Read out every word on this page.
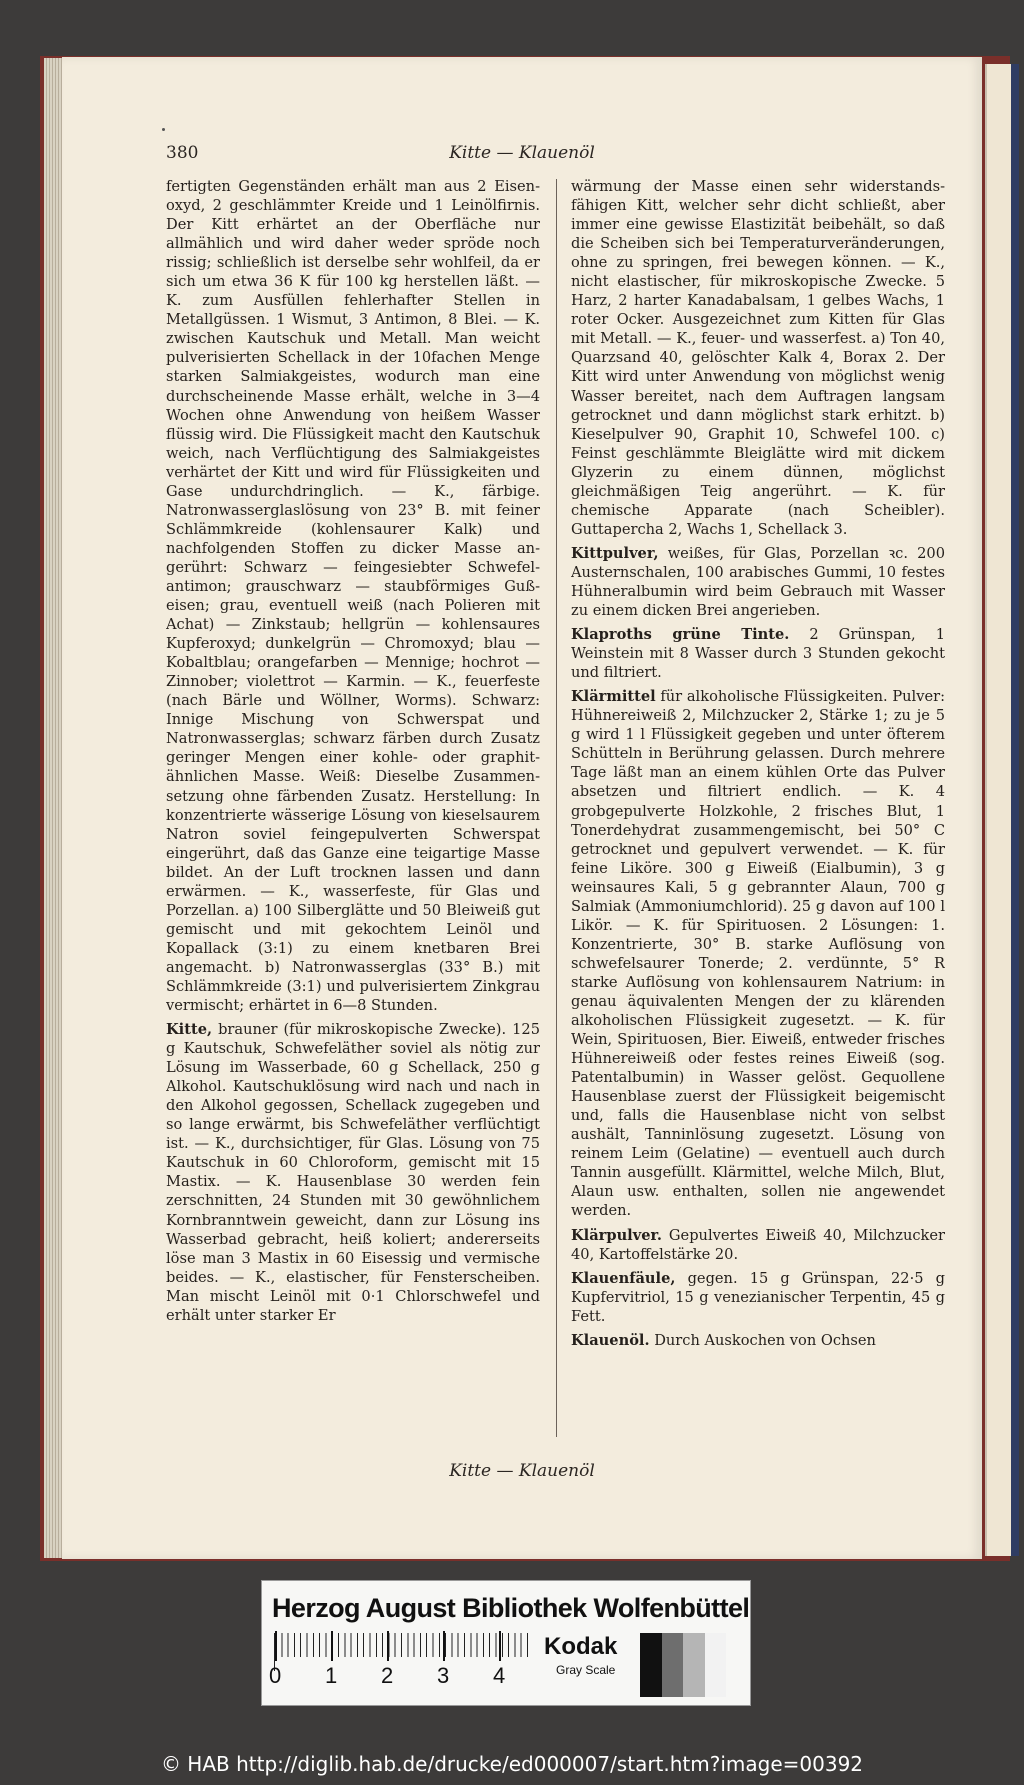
380	Kitte — Klauenöl

fertigten Gegenständen erhält man aus 2 Eisenoxyd, 2 geschlämmter Kreide und 1 Leinölfirnis. Der Kitt erhärtet an der Oberfläche nur allmählich und wird daher weder spröde noch rissig; schließlich ist derselbe sehr wohlfeil, da er sich um etwa 36 K für 100 kg herstellen läßt. — K. zum Ausfüllen fehlerhafter Stellen in Metallgüssen. 1 Wismut, 3 Antimon, 8 Blei. — K. zwischen Kautschuk und Metall. Man weicht pulverisierten Schellack in der 10fachen Menge starken Salmiakgeistes, wodurch man eine durchscheinende Masse erhält, welche in 3—4 Wochen ohne Anwendung von heißem Wasser flüssig wird. Die Flüssigkeit macht den Kautschuk weich, nach Verflüchtigung des Salmiakgeistes verhärtet der Kitt und wird für Flüssigkeiten und Gase undurchdringlich. — K., färbige. Natronwasserglaslösung von 23° B. mit feiner Schlämmkreide (kohlensaurer Kalk) und nachfolgenden Stoffen zu dicker Masse angerührt: Schwarz — feingesiebter Schwefelantimon; grauschwarz — staubförmiges Gußeisen; grau, eventuell weiß (nach Polieren mit Achat) — Zinkstaub; hellgrün — kohlensaures Kupferoxyd; dunkelgrün — Chromoxyd; blau — Kobaltblau; orangefarben — Mennige; hochrot — Zinnober; violettrot — Karmin. — K., feuerfeste (nach Bärle und Wöllner, Worms). Schwarz: Innige Mischung von Schwerspat und Natronwasserglas; schwarz färben durch Zusatz geringer Mengen einer kohle- oder graphitähnlichen Masse. Weiß: Dieselbe Zusammensetzung ohne färbenden Zusatz. Herstellung: In konzentrierte wässerige Lösung von kieselsaurem Natron soviel feingepulverten Schwerspat eingerührt, daß das Ganze eine teigartige Masse bildet. An der Luft trocknen lassen und dann erwärmen. — K., wasserfeste, für Glas und Porzellan. a) 100 Silberglätte und 50 Bleiweiß gut gemischt und mit gekochtem Leinöl und Kopallack (3:1) zu einem knetbaren Brei angemacht. b) Natronwasserglas (33° B.) mit Schlämmkreide (3:1) und pulverisiertem Zinkgrau vermischt; erhärtet in 6—8 Stunden.

Kitte, brauner (für mikroskopische Zwecke). 125 g Kautschuk, Schwefeläther soviel als nötig zur Lösung im Wasserbade, 60 g Schellack, 250 g Alkohol. Kautschuklösung wird nach und nach in den Alkohol gegossen, Schellack zugegeben und so lange erwärmt, bis Schwefeläther verflüchtigt ist. — K., durchsichtiger, für Glas. Lösung von 75 Kautschuk in 60 Chloroform, gemischt mit 15 Mastix. — K. Hausenblase 30 werden fein zerschnitten, 24 Stunden mit 30 gewöhnlichem Kornbranntwein geweicht, dann zur Lösung ins Wasserbad gebracht, heiß koliert; andererseits löse man 3 Mastix in 60 Eisessig und vermische beides. — K., elastischer, für Fensterscheiben. Man mischt Leinöl mit 0·1 Chlorschwefel und erhält unter starker Er

wärmung der Masse einen sehr widerstandsfähigen Kitt, welcher sehr dicht schließt, aber immer eine gewisse Elastizität beibehält, so daß die Scheiben sich bei Temperaturveränderungen, ohne zu springen, frei bewegen können. — K., nicht elastischer, für mikroskopische Zwecke. 5 Harz, 2 harter Kanadabalsam, 1 gelbes Wachs, 1 roter Ocker. Ausgezeichnet zum Kitten für Glas mit Metall. — K., feuer- und wasserfest. a) Ton 40, Quarzsand 40, gelöschter Kalk 4, Borax 2. Der Kitt wird unter Anwendung von möglichst wenig Wasser bereitet, nach dem Auftragen langsam getrocknet und dann möglichst stark erhitzt. b) Kieselpulver 90, Graphit 10, Schwefel 100. c) Feinst geschlämmte Bleiglätte wird mit dickem Glyzerin zu einem dünnen, möglichst gleichmäßigen Teig angerührt. — K. für chemische Apparate (nach Scheibler). Guttapercha 2, Wachs 1, Schellack 3.

Kittpulver, weißes, für Glas, Porzellan ꝛc. 200 Austernschalen, 100 arabisches Gummi, 10 festes Hühneralbumin wird beim Gebrauch mit Wasser zu einem dicken Brei angerieben.

Klaproths grüne Tinte. 2 Grünspan, 1 Weinstein mit 8 Wasser durch 3 Stunden gekocht und filtriert.

Klärmittel für alkoholische Flüssigkeiten. Pulver: Hühnereiweiß 2, Milchzucker 2, Stärke 1; zu je 5 g wird 1 l Flüssigkeit gegeben und unter öfterem Schütteln in Berührung gelassen. Durch mehrere Tage läßt man an einem kühlen Orte das Pulver absetzen und filtriert endlich. — K. 4 grobgepulverte Holzkohle, 2 frisches Blut, 1 Tonerdehydrat zusammengemischt, bei 50° C getrocknet und gepulvert verwendet. — K. für feine Liköre. 300 g Eiweiß (Eialbumin), 3 g weinsaures Kali, 5 g gebrannter Alaun, 700 g Salmiak (Ammoniumchlorid). 25 g davon auf 100 l Likör. — K. für Spirituosen. 2 Lösungen: 1. Konzentrierte, 30° B. starke Auflösung von schwefelsaurer Tonerde; 2. verdünnte, 5° R starke Auflösung von kohlensaurem Natrium: in genau äquivalenten Mengen der zu klärenden alkoholischen Flüssigkeit zugesetzt. — K. für Wein, Spirituosen, Bier. Eiweiß, entweder frisches Hühnereiweiß oder festes reines Eiweiß (sog. Patentalbumin) in Wasser gelöst. Gequollene Hausenblase zuerst der Flüssigkeit beigemischt und, falls die Hausenblase nicht von selbst aushält, Tanninlösung zugesetzt. Lösung von reinem Leim (Gelatine) — eventuell auch durch Tannin ausgefüllt. Klärmittel, welche Milch, Blut, Alaun usw. enthalten, sollen nie angewendet werden.

Klärpulver. Gepulvertes Eiweiß 40, Milchzucker 40, Kartoffelstärke 20.

Klauenfäule, gegen. 15 g Grünspan, 22·5 g Kupfervitriol, 15 g venezianischer Terpentin, 45 g Fett.

Klauenöl. Durch Auskochen von Ochsen

Kitte — Klauenöl
Herzog August Bibliothek Wolfenbüttel
0 1 2 3 4
Kodak
Gray Scale
© HAB http://diglib.hab.de/drucke/ed000007/start.htm?image=00392
